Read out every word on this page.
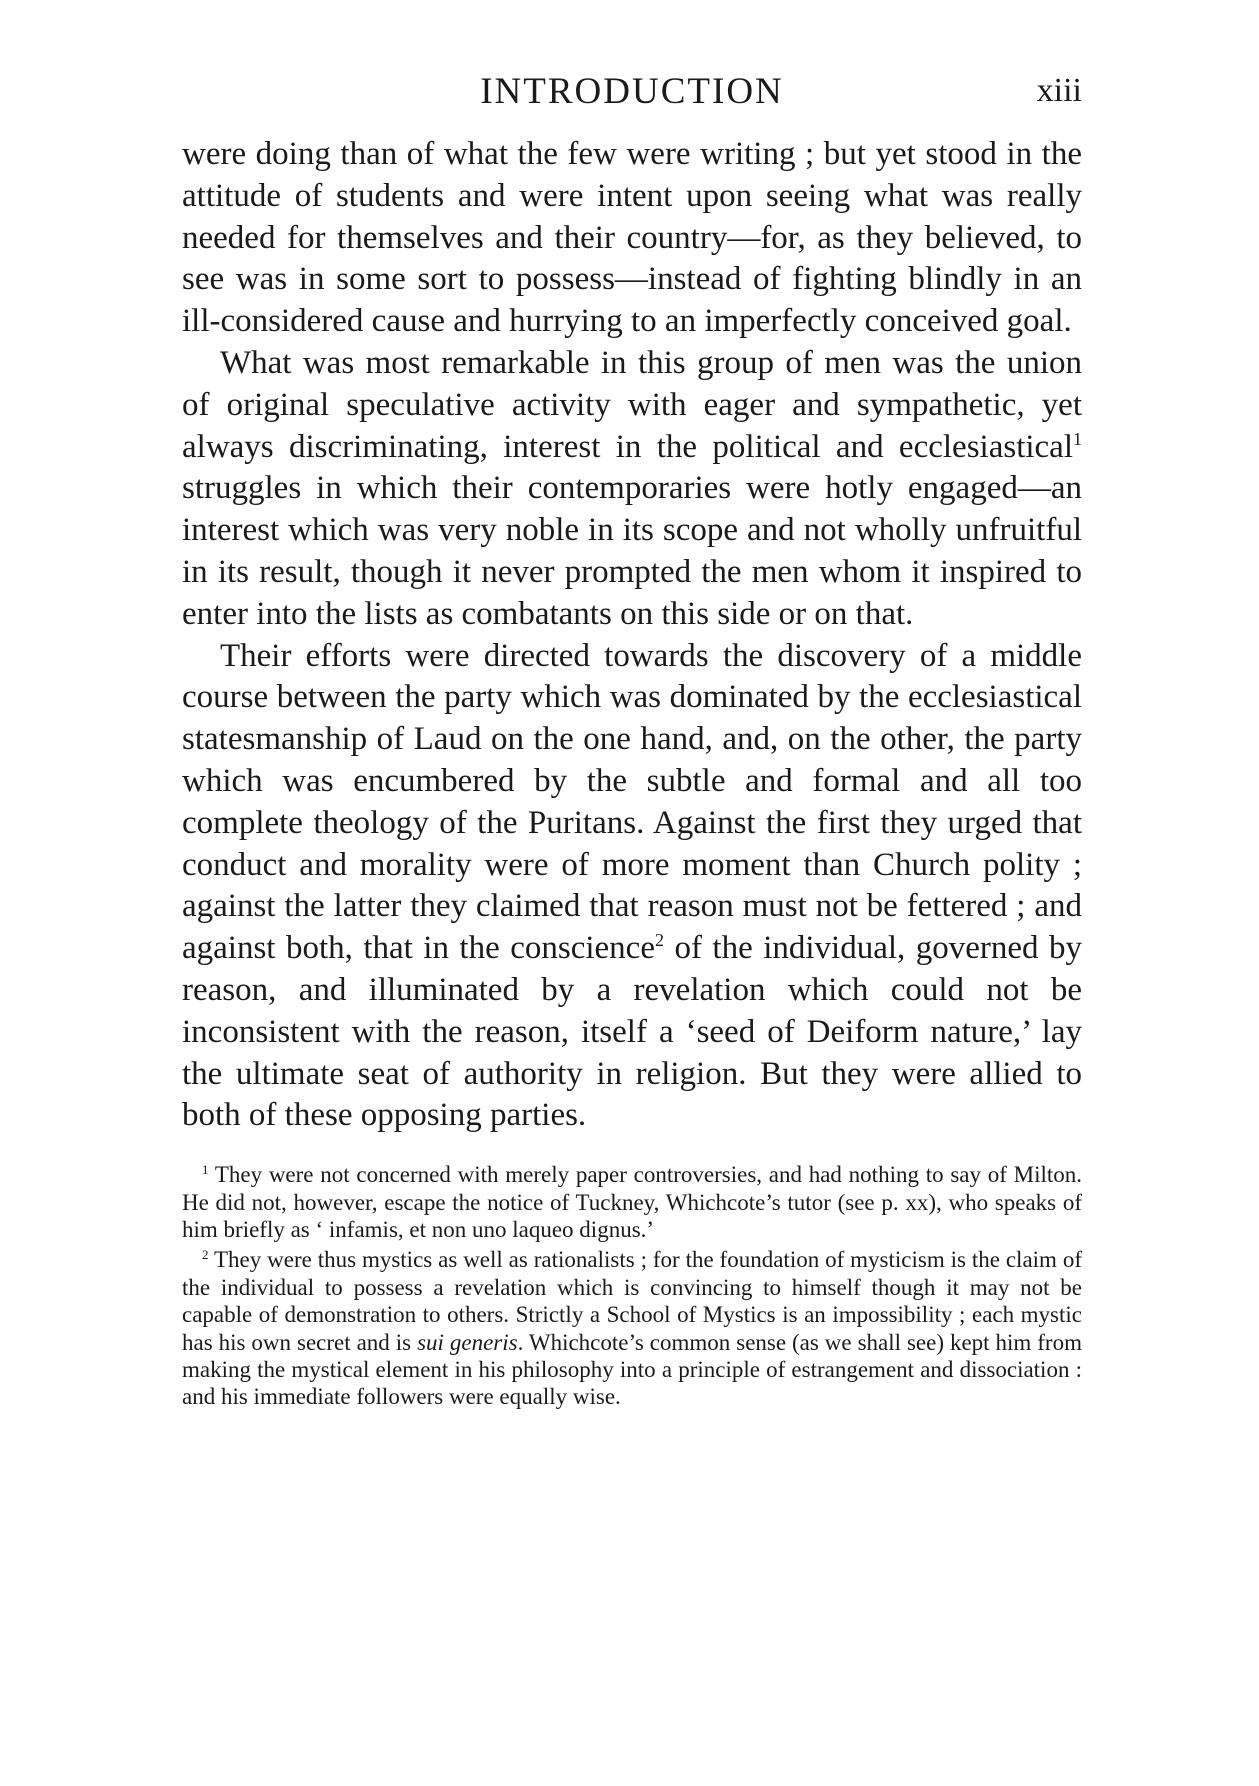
INTRODUCTION	xiii

were doing than of what the few were writing ; but yet stood in the attitude of students and were intent upon seeing what was really needed for themselves and their country—for, as they believed, to see was in some sort to possess—instead of fighting blindly in an ill-considered cause and hurrying to an imperfectly conceived goal.

What was most remarkable in this group of men was the union of original speculative activity with eager and sympathetic, yet always discriminating, interest in the political and ecclesiastical$^1$ struggles in which their contemporaries were hotly engaged—an interest which was very noble in its scope and not wholly unfruitful in its result, though it never prompted the men whom it inspired to enter into the lists as combatants on this side or on that.

Their efforts were directed towards the discovery of a middle course between the party which was dominated by the ecclesiastical statesmanship of Laud on the one hand, and, on the other, the party which was encumbered by the subtle and formal and all too complete theology of the Puritans. Against the first they urged that conduct and morality were of more moment than Church polity ; against the latter they claimed that reason must not be fettered ; and against both, that in the conscience$^2$ of the individual, governed by reason, and illuminated by a revelation which could not be inconsistent with the reason, itself a ‘seed of Deiform nature,’ lay the ultimate seat of authority in religion. But they were allied to both of these opposing parties.

$^1$ They were not concerned with merely paper controversies, and had nothing to say of Milton. He did not, however, escape the notice of Tuckney, Whichcote’s tutor (see p. xx), who speaks of him briefly as ‘ infamis, et non uno laqueo dignus.’

$^2$ They were thus mystics as well as rationalists ; for the foundation of mysticism is the claim of the individual to possess a revelation which is convincing to himself though it may not be capable of demonstration to others. Strictly a School of Mystics is an impossibility ; each mystic has his own secret and is sui generis. Whichcote’s common sense (as we shall see) kept him from making the mystical element in his philosophy into a principle of estrangement and dissociation : and his immediate followers were equally wise.
